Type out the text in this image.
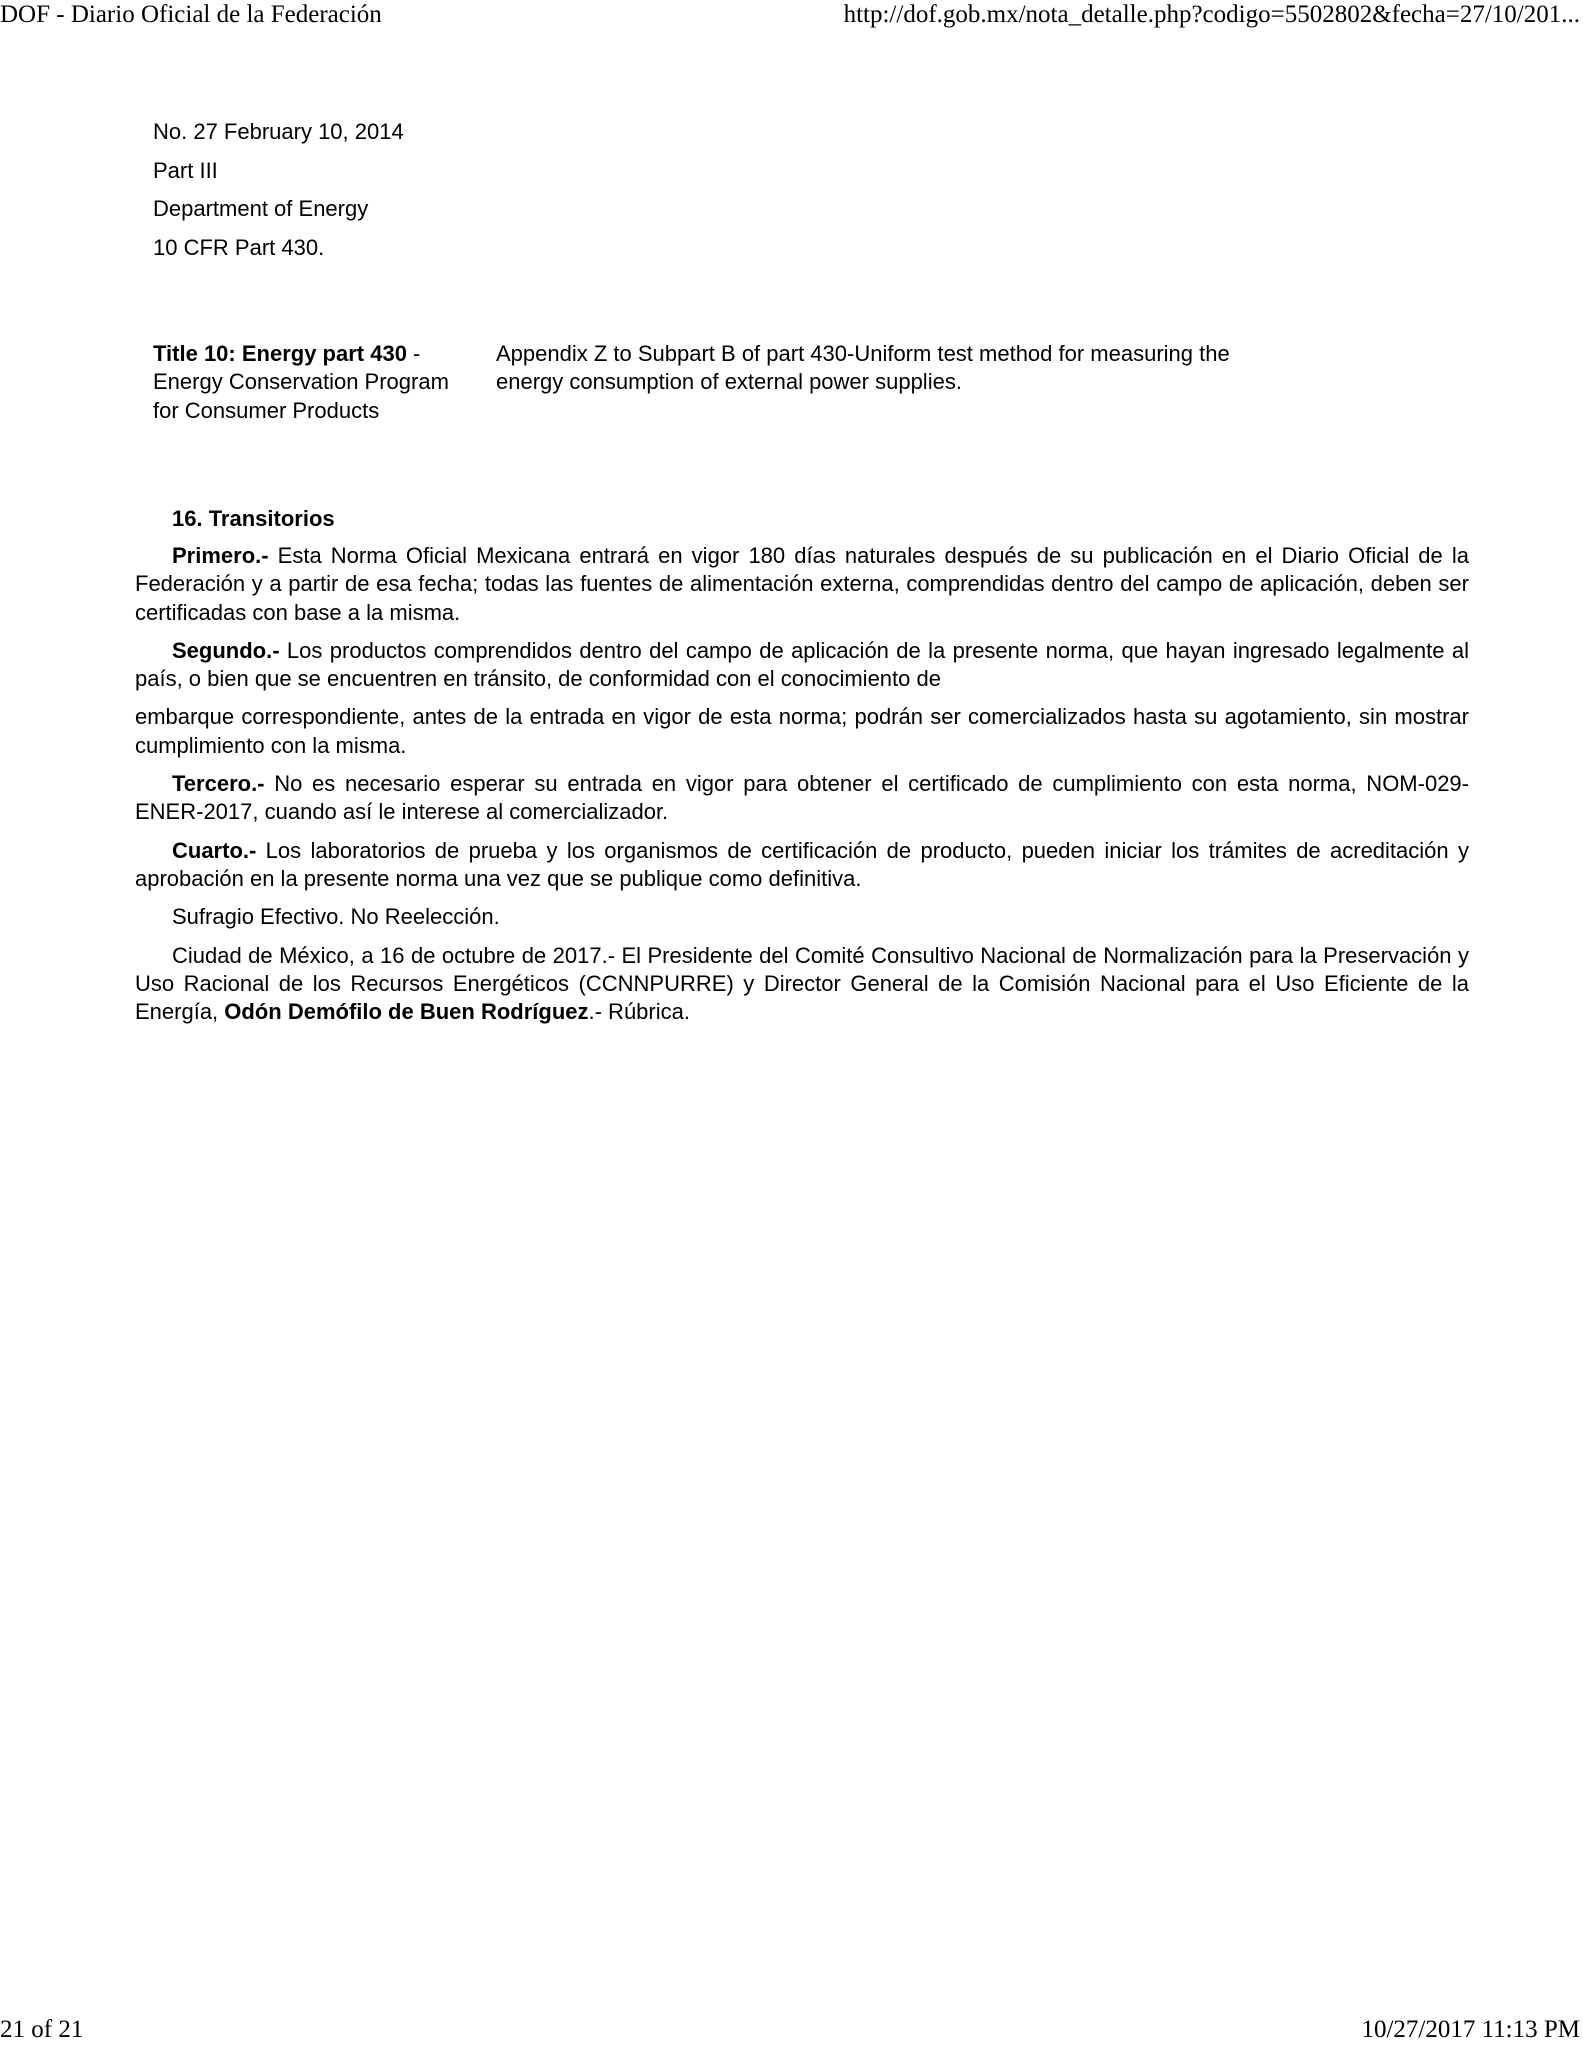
DOF - Diario Oficial de la Federación	http://dof.gob.mx/nota_detalle.php?codigo=5502802&fecha=27/10/201...
No. 27 February 10, 2014
Part III
Department of Energy
10 CFR Part 430.
Title 10: Energy part 430 - Energy Conservation Program for Consumer Products
Appendix Z to Subpart B of part 430-Uniform test method for measuring the energy consumption of external power supplies.
16. Transitorios

Primero.- Esta Norma Oficial Mexicana entrará en vigor 180 días naturales después de su publicación en el Diario Oficial de la Federación y a partir de esa fecha; todas las fuentes de alimentación externa, comprendidas dentro del campo de aplicación, deben ser certificadas con base a la misma.

Segundo.- Los productos comprendidos dentro del campo de aplicación de la presente norma, que hayan ingresado legalmente al país, o bien que se encuentren en tránsito, de conformidad con el conocimiento de

embarque correspondiente, antes de la entrada en vigor de esta norma; podrán ser comercializados hasta su agotamiento, sin mostrar cumplimiento con la misma.

Tercero.- No es necesario esperar su entrada en vigor para obtener el certificado de cumplimiento con esta norma, NOM-029-ENER-2017, cuando así le interese al comercializador.

Cuarto.- Los laboratorios de prueba y los organismos de certificación de producto, pueden iniciar los trámites de acreditación y aprobación en la presente norma una vez que se publique como definitiva.

Sufragio Efectivo. No Reelección.

Ciudad de México, a 16 de octubre de 2017.- El Presidente del Comité Consultivo Nacional de Normalización para la Preservación y Uso Racional de los Recursos Energéticos (CCNNPURRE) y Director General de la Comisión Nacional para el Uso Eficiente de la Energía, Odón Demófilo de Buen Rodríguez.- Rúbrica.

21 of 21	10/27/2017 11:13 PM
